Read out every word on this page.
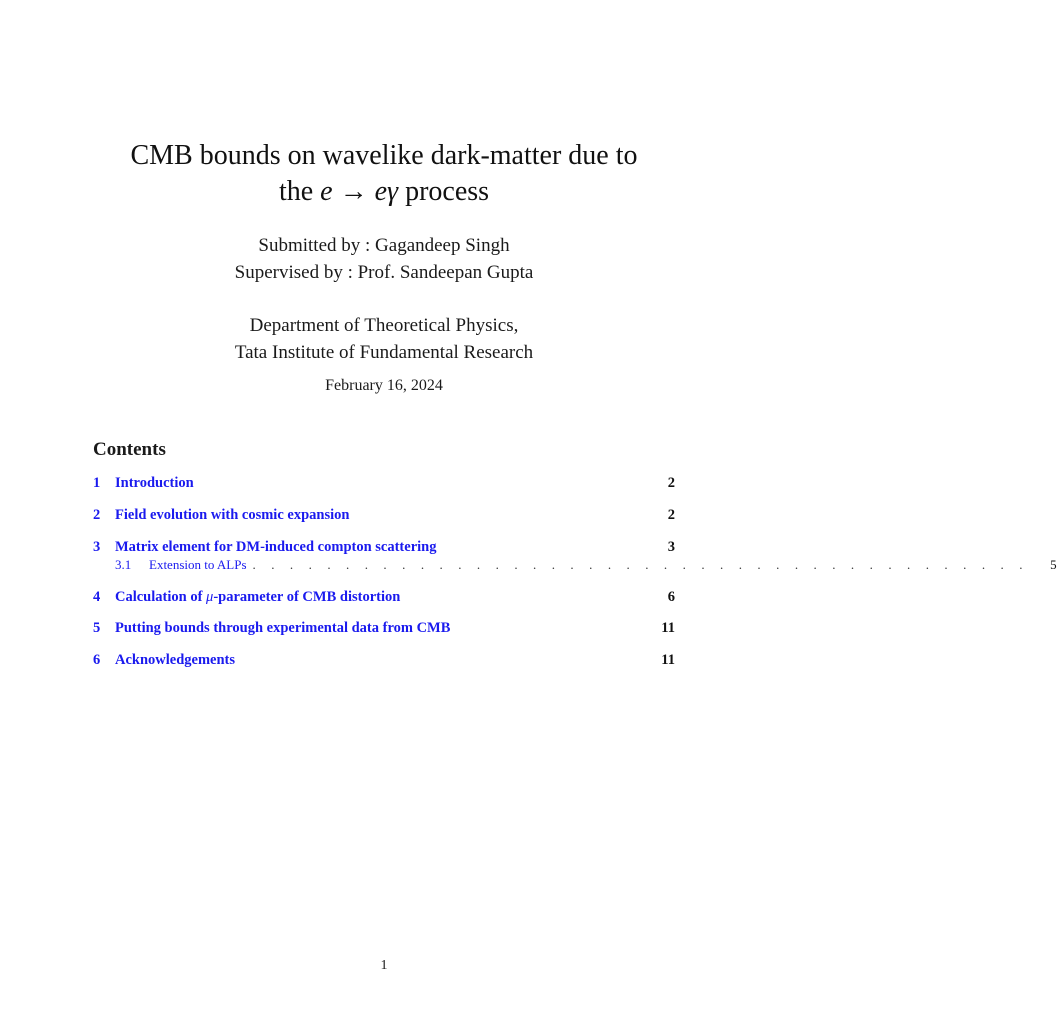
CMB bounds on wavelike dark-matter due to
the e → eγ process
Submitted by : Gagandeep Singh
Supervised by : Prof. Sandeepan Gupta
Department of Theoretical Physics,
Tata Institute of Fundamental Research
February 16, 2024
Contents
1	Introduction	2
2	Field evolution with cosmic expansion	2
3	Matrix element for DM-induced compton scattering	3
3.1	Extension to ALPs . . . . . . . . . . . . . . . . . . . . . . . . . . . . . . . . . . . . . . . . . .	5
4	Calculation of μ-parameter of CMB distortion	6
5	Putting bounds through experimental data from CMB	11
6	Acknowledgements	11
1
